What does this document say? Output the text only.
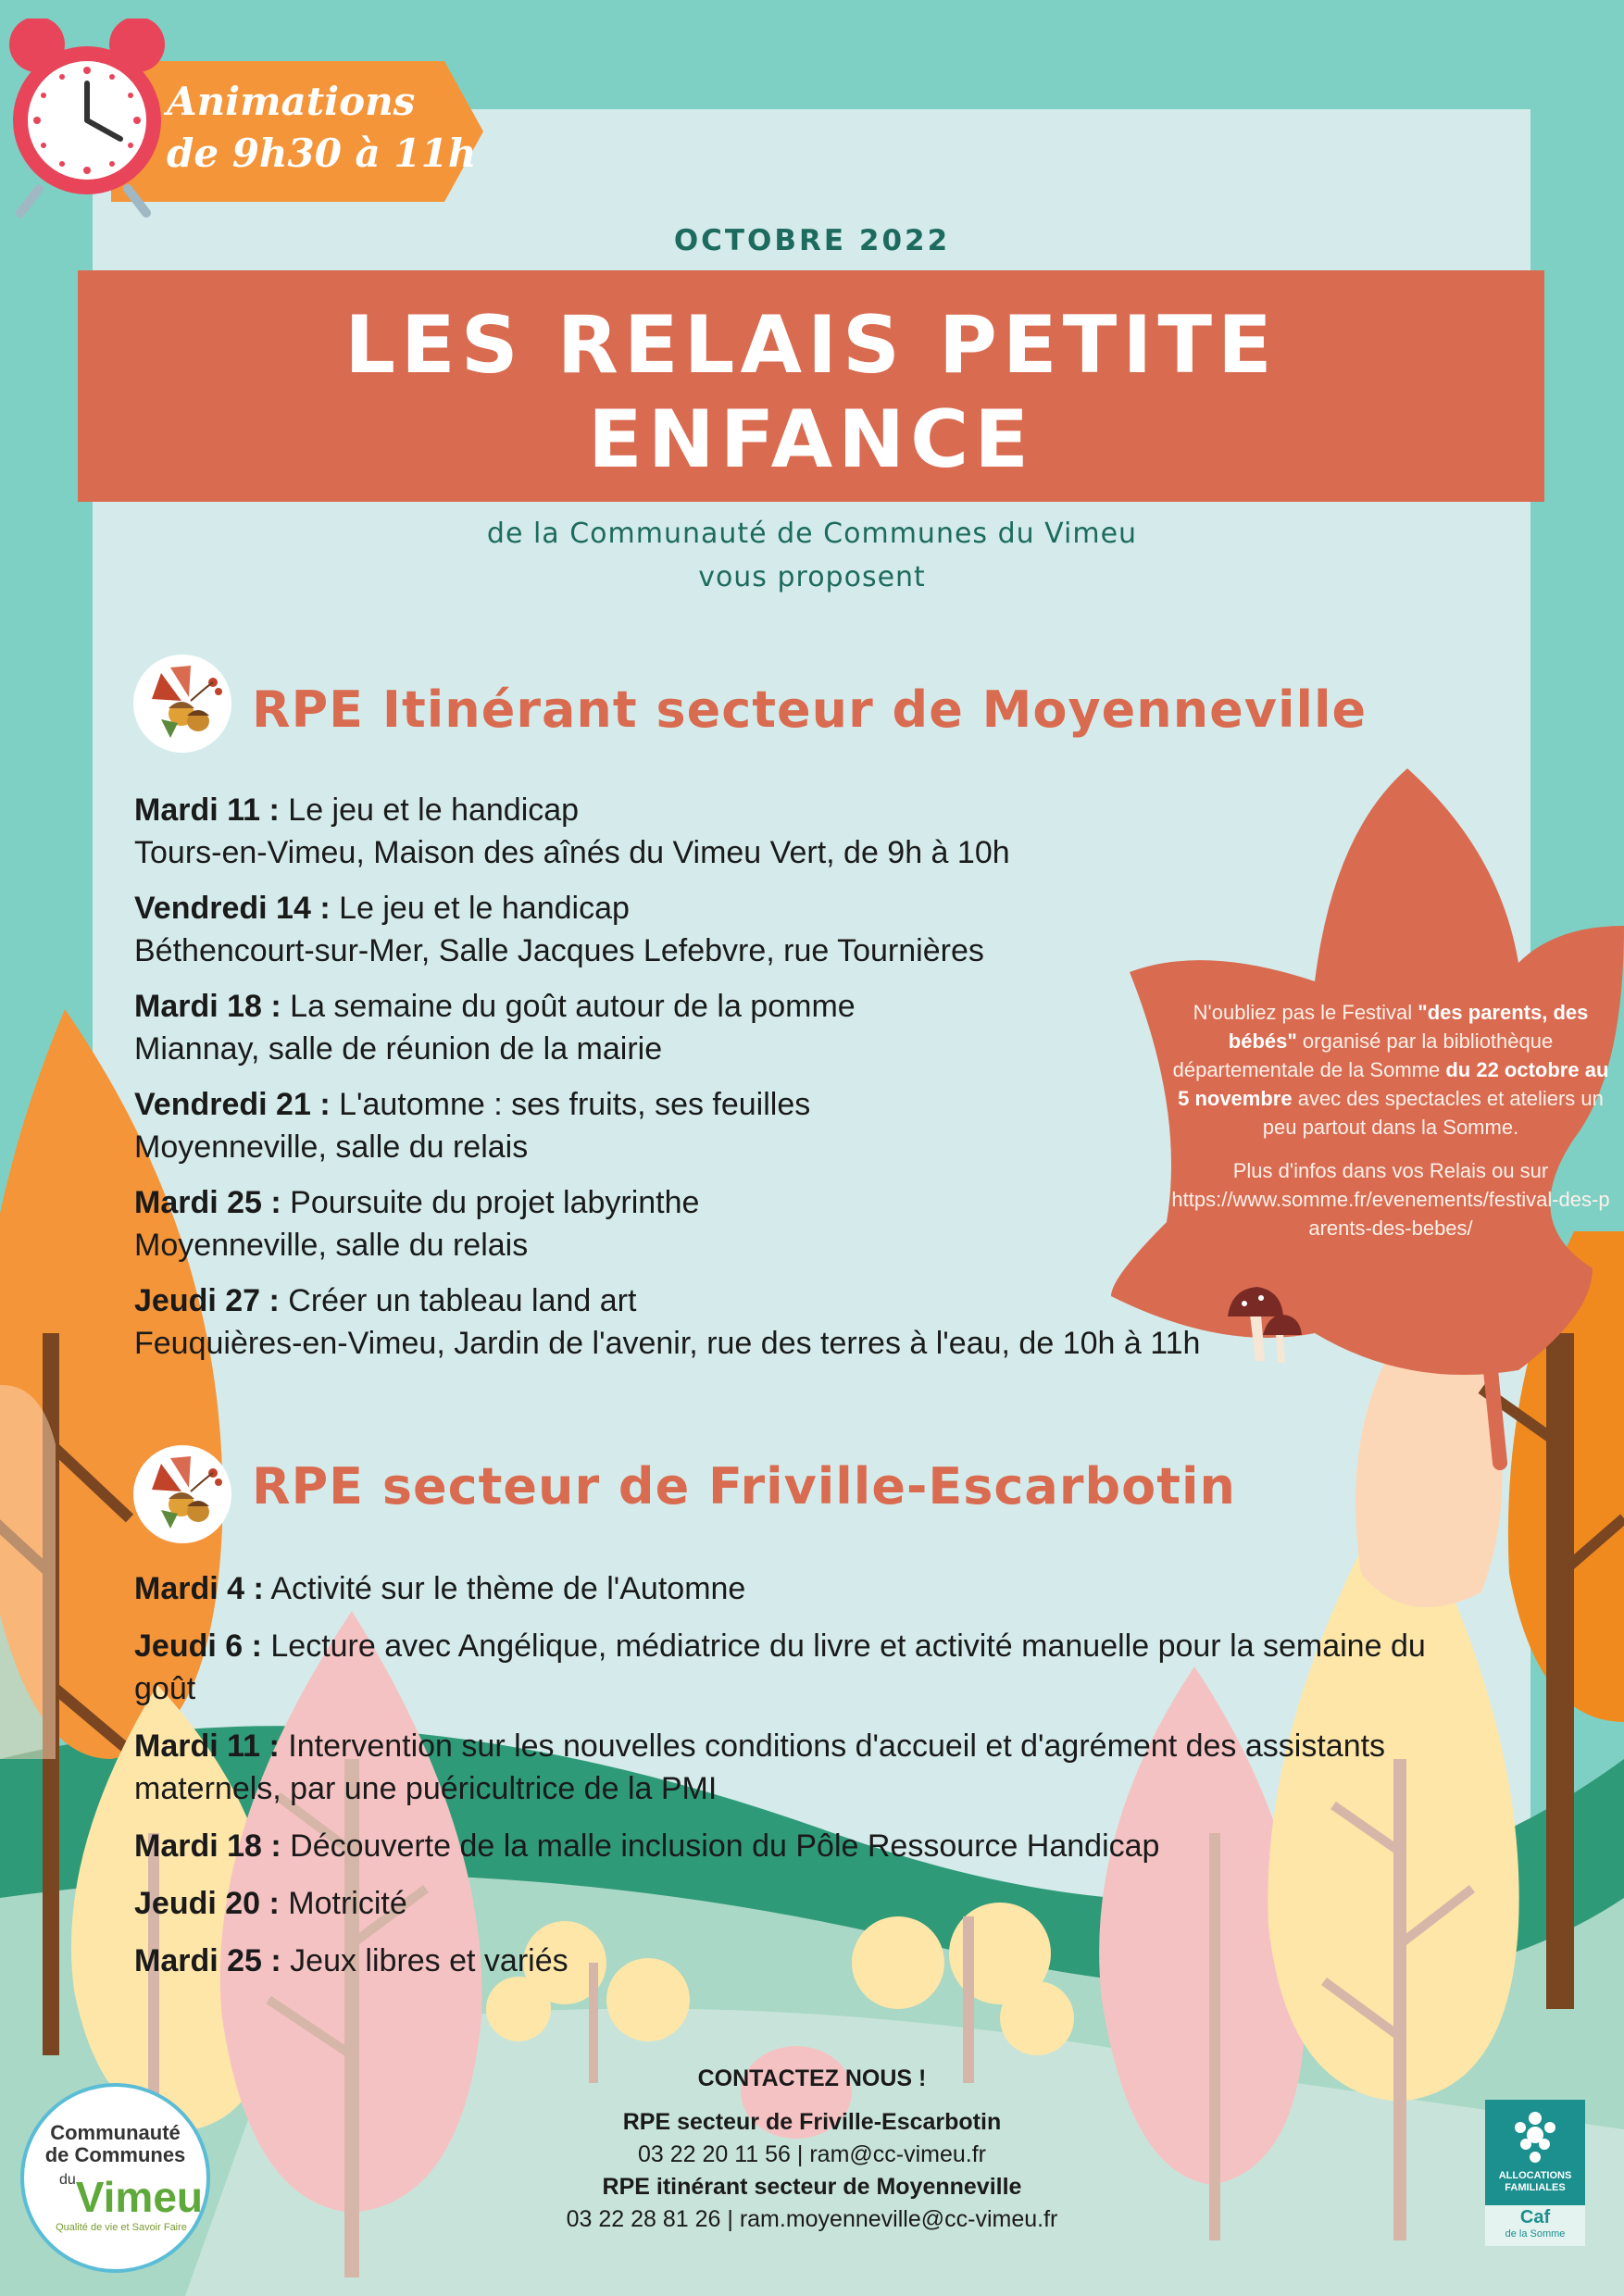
Animations
de 9h30 à 11h
OCTOBRE 2022
LES RELAIS PETITE
ENFANCE
de la Communauté de Communes du Vimeu
vous proposent
RPE Itinérant secteur de Moyenneville
Mardi 11 : Le jeu et le handicap
Tours-en-Vimeu, Maison des aînés du Vimeu Vert, de 9h à 10h
Vendredi 14 : Le jeu et le handicap
Béthencourt-sur-Mer, Salle Jacques Lefebvre, rue Tournières
Mardi 18 : La semaine du goût autour de la pomme
Miannay, salle de réunion de la mairie
Vendredi 21 : L'automne : ses fruits, ses feuilles
Moyenneville, salle du relais
Mardi 25 : Poursuite du projet labyrinthe
Moyenneville, salle du relais
Jeudi 27 : Créer un tableau land art
Feuquières-en-Vimeu, Jardin de l'avenir, rue des terres à l'eau, de 10h à 11h

N'oubliez pas le Festival "des parents, des bébés" organisé par la bibliothèque départementale de la Somme du 22 octobre au 5 novembre avec des spectacles et ateliers un peu partout dans la Somme.

Plus d'infos dans vos Relais ou sur
https://www.somme.fr/evenements/festival-des-parents-des-bebes/

RPE secteur de Friville-Escarbotin
Mardi 4 : Activité sur le thème de l'Automne
Jeudi 6 : Lecture avec Angélique, médiatrice du livre et activité manuelle pour la semaine du goût
Mardi 11 : Intervention sur les nouvelles conditions d'accueil et d'agrément des assistants maternels, par une puéricultrice de la PMI
Mardi 18 : Découverte de la malle inclusion du Pôle Ressource Handicap
Jeudi 20 : Motricité
Mardi 25 : Jeux libres et variés
CONTACTEZ NOUS !
RPE secteur de Friville-Escarbotin
03 22 20 11 56 | ram@cc-vimeu.fr
RPE itinérant secteur de Moyenneville
03 22 28 81 26 | ram.moyenneville@cc-vimeu.fr
Communauté
de Communes
$^{du}$Vimeu
Qualité de vie et Savoir Faire
ALLOCATIONS
FAMILIALES
Caf
de la Somme
